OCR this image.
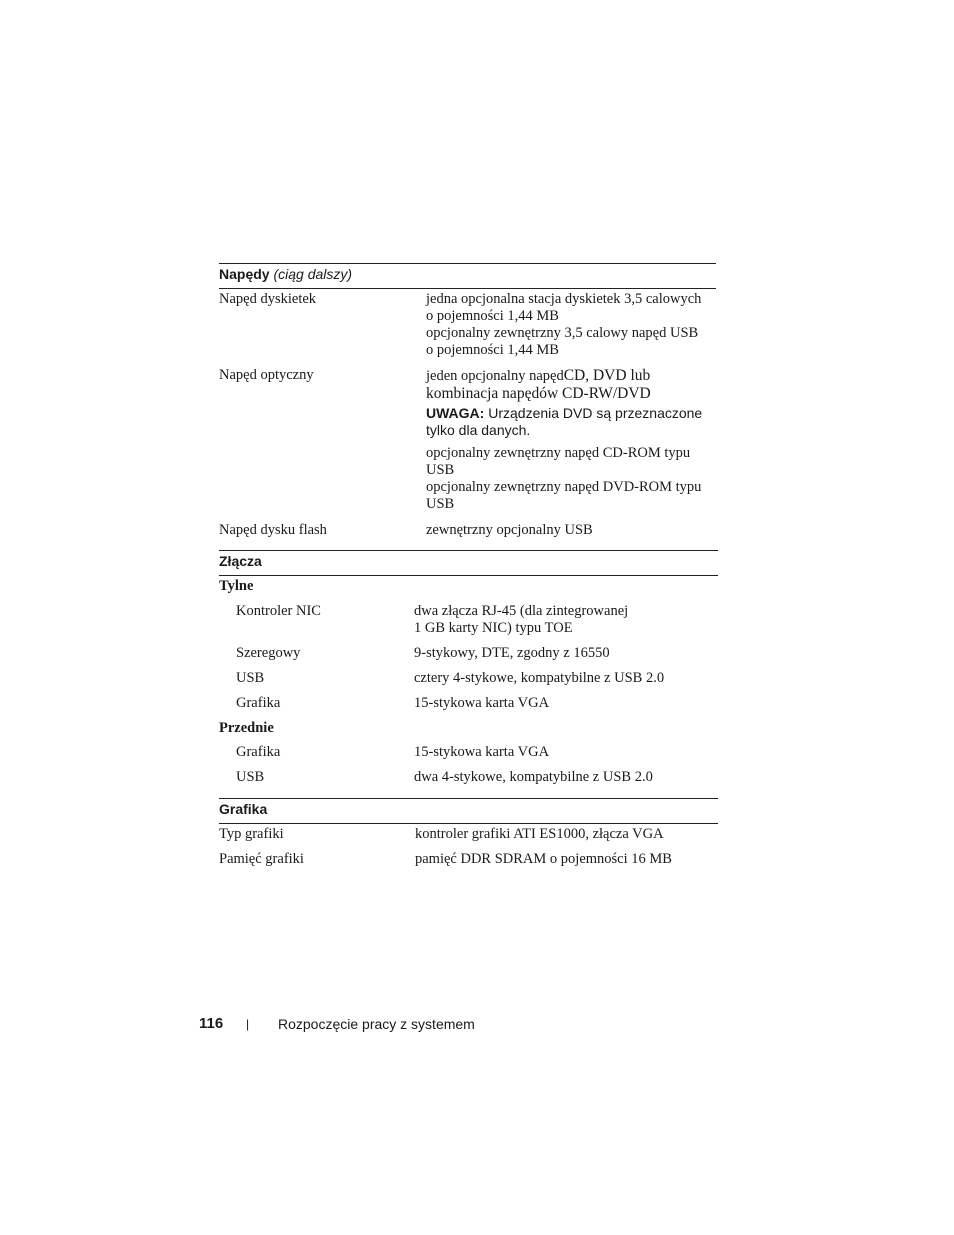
Napędy (ciąg dalszy)
Napęd dyskietek	jedna opcjonalna stacja dyskietek 3,5 calowych
o pojemności 1,44 MB
opcjonalny zewnętrzny 3,5 calowy napęd USB
o pojemności 1,44 MB
Napęd optyczny	jeden opcjonalny napędCD, DVD lub
kombinacja napędów CD-RW/DVD
UWAGA: Urządzenia DVD są przeznaczone
tylko dla danych.
opcjonalny zewnętrzny napęd CD-ROM typu
USB
opcjonalny zewnętrzny napęd DVD-ROM typu
USB
Napęd dysku flash	zewnętrzny opcjonalny USB
Złącza
Tylne
Kontroler NIC	dwa złącza RJ-45 (dla zintegrowanej
1 GB karty NIC) typu TOE
Szeregowy	9-stykowy, DTE, zgodny z 16550
USB	cztery 4-stykowe, kompatybilne z USB 2.0
Grafika	15-stykowa karta VGA
Przednie
Grafika	15-stykowa karta VGA
USB	dwa 4-stykowe, kompatybilne z USB 2.0
Grafika
Typ grafiki	kontroler grafiki ATI ES1000, złącza VGA
Pamięć grafiki	pamięć DDR SDRAM o pojemności 16 MB
116 | Rozpoczęcie pracy z systemem
